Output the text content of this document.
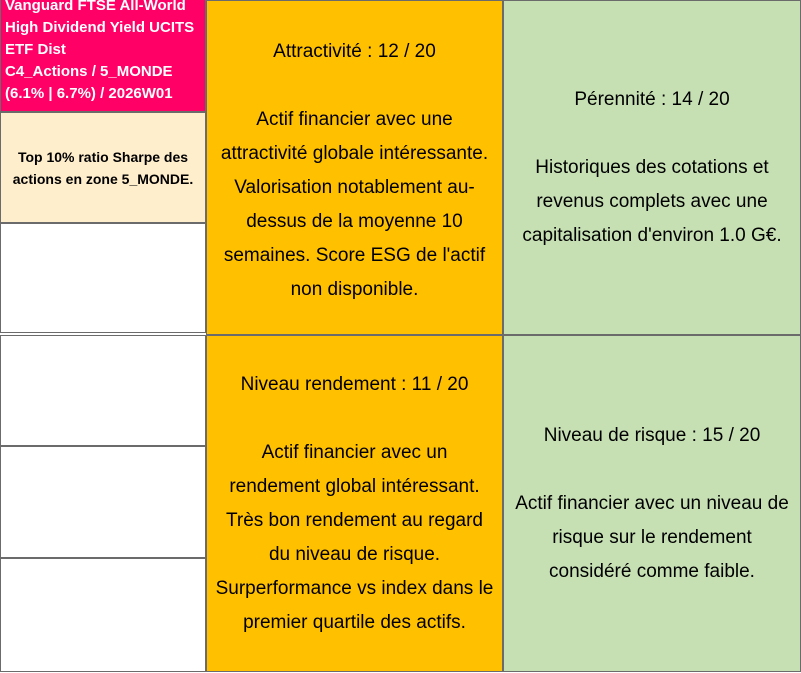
Vanguard FTSE All-World
High Dividend Yield UCITS
ETF Dist
C4_Actions / 5_MONDE
(6.1% | 6.7%) / 2026W01
Top 10% ratio Sharpe des actions en zone 5_MONDE.
Attractivité : 12 / 20
Actif financier avec une
attractivité globale intéressante.
Valorisation notablement au-
dessus de la moyenne 10
semaines. Score ESG de l'actif
non disponible.
Pérennité : 14 / 20
Historiques des cotations et
revenus complets avec une
capitalisation d'environ 1.0 G€.
Niveau rendement : 11 / 20
Actif financier avec un
rendement global intéressant.
Très bon rendement au regard
du niveau de risque.
Surperformance vs index dans le
premier quartile des actifs.
Niveau de risque : 15 / 20
Actif financier avec un niveau de
risque sur le rendement
considéré comme faible.
